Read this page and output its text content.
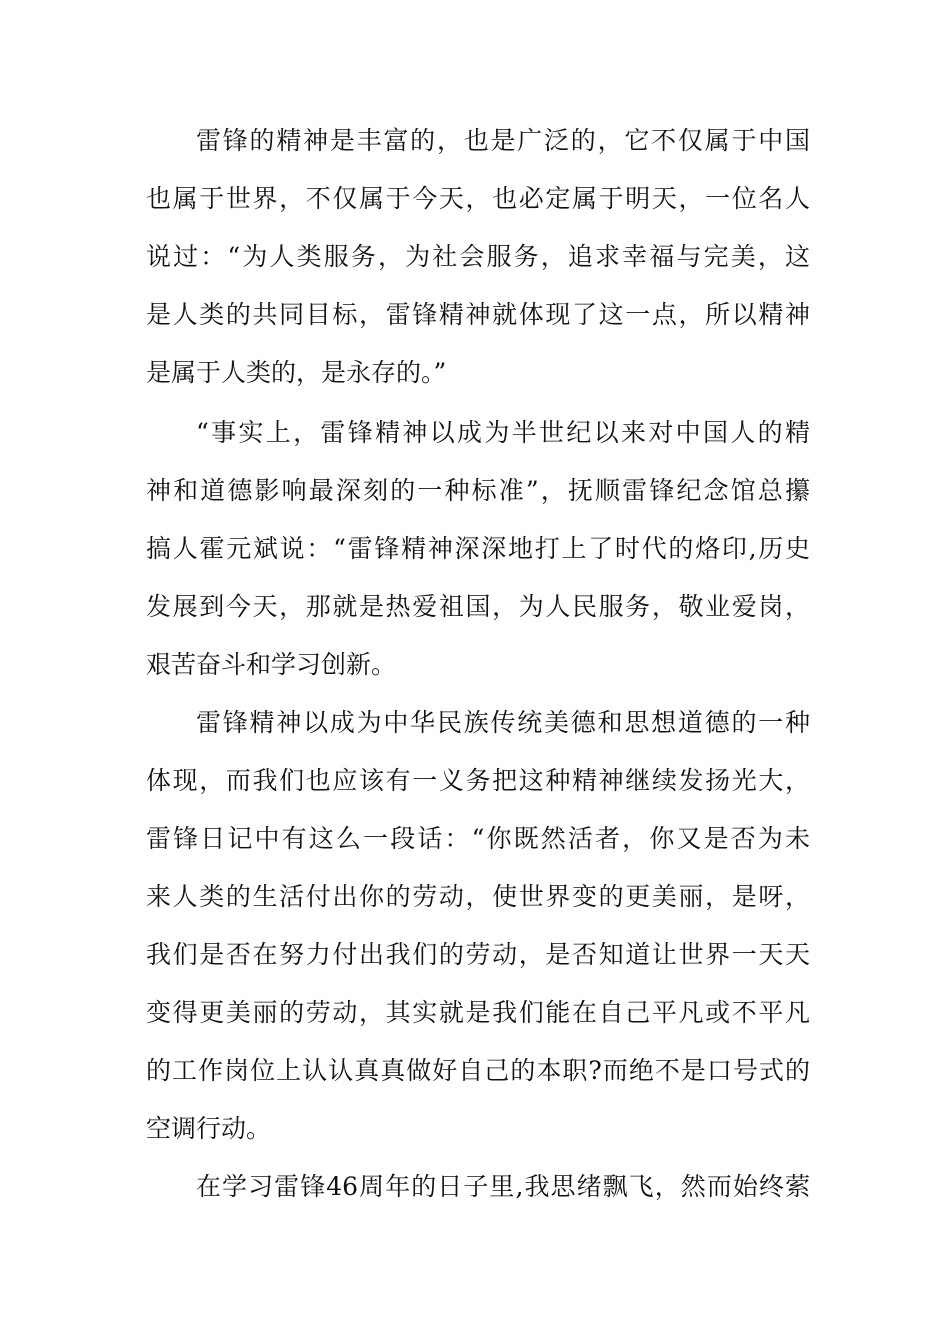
雷锋的精神是丰富的，也是广泛的，它不仅属于中国
也属于世界，不仅属于今天，也必定属于明天，一位名人
说过：“为人类服务，为社会服务，追求幸福与完美，这
是人类的共同目标，雷锋精神就体现了这一点，所以精神
是属于人类的，是永存的。”
“事实上，雷锋精神以成为半世纪以来对中国人的精
神和道德影响最深刻的一种标准”，抚顺雷锋纪念馆总攥
搞人霍元斌说：“雷锋精神深深地打上了时代的烙印,历史
发展到今天，那就是热爱祖国，为人民服务，敬业爱岗，
艰苦奋斗和学习创新。
雷锋精神以成为中华民族传统美德和思想道德的一种
体现，而我们也应该有一义务把这种精神继续发扬光大，
雷锋日记中有这么一段话：“你既然活者，你又是否为未
来人类的生活付出你的劳动，使世界变的更美丽，是呀，
我们是否在努力付出我们的劳动，是否知道让世界一天天
变得更美丽的劳动，其实就是我们能在自己平凡或不平凡
的工作岗位上认认真真做好自己的本职?而绝不是口号式的
空调行动。
在学习雷锋46周年的日子里,我思绪飘飞，然而始终萦
